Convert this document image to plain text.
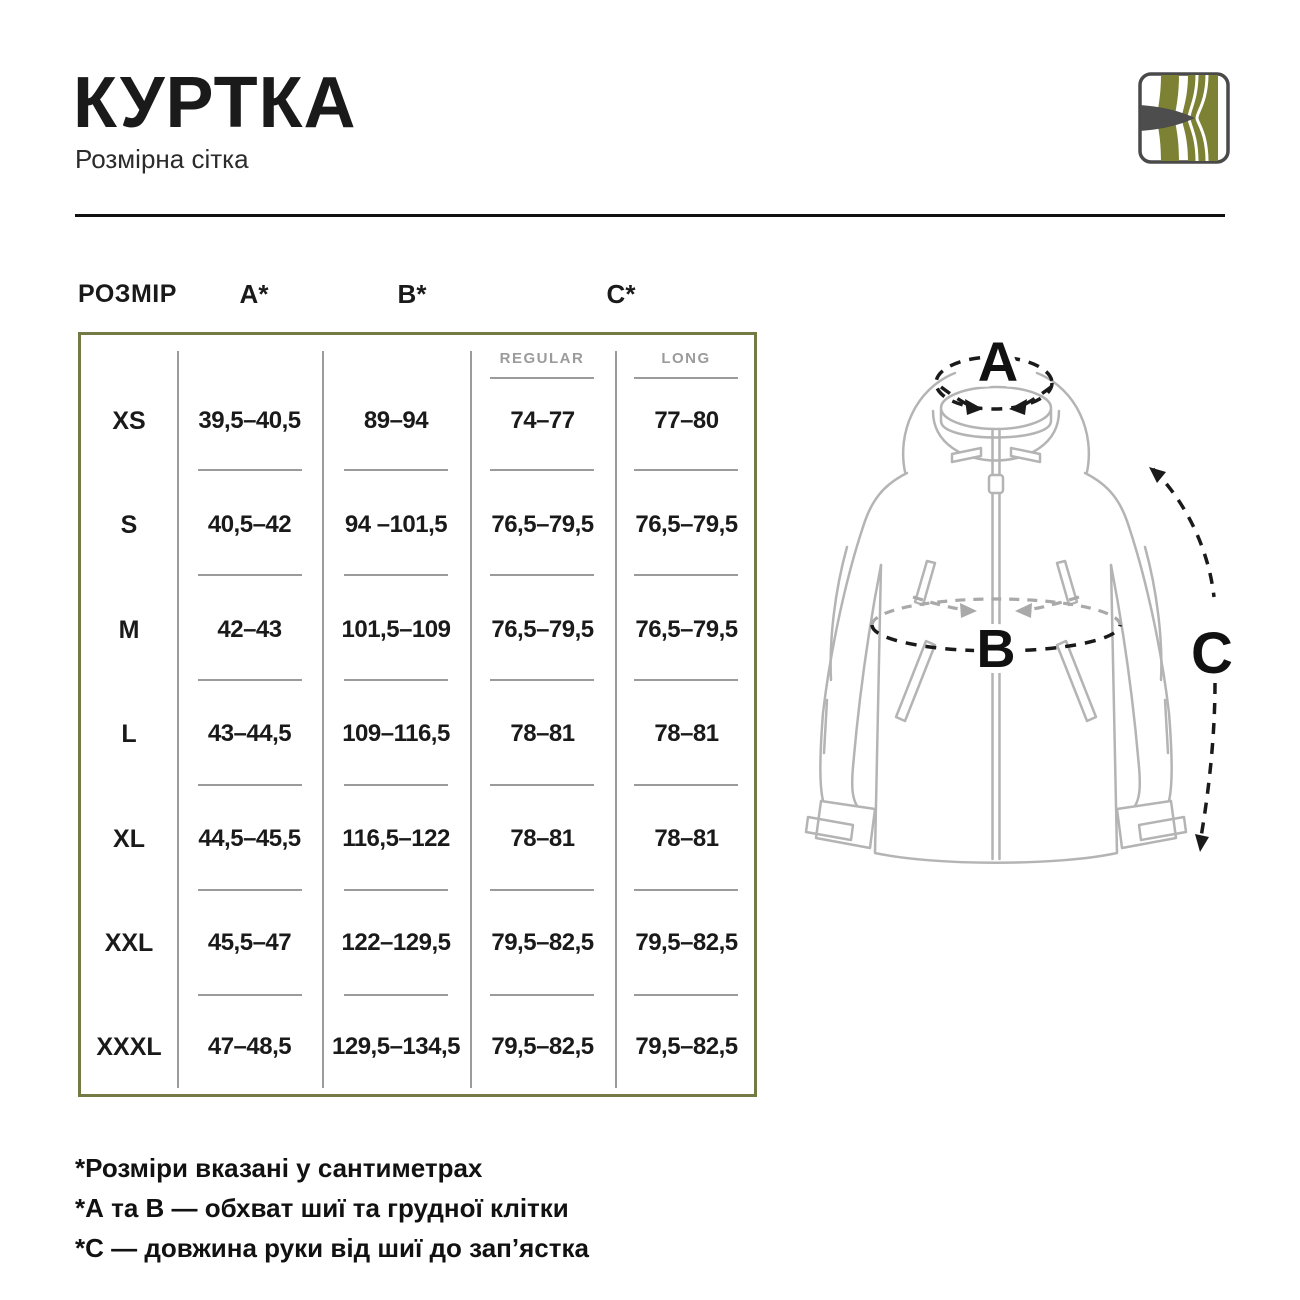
КУРТКА
Розмірна сітка
РОЗМІР A*	B*	C*
REGULAR	LONG
XS	39,5–40,5	89–94	74–77	77–80
S	40,5–42	94 –101,5	76,5–79,5	76,5–79,5
M	42–43	101,5–109	76,5–79,5	76,5–79,5
L	43–44,5	109–116,5	78–81	78–81
XL	44,5–45,5	116,5–122	78–81	78–81
XXL	45,5–47	122–129,5	79,5–82,5	79,5–82,5
XXXL	47–48,5	129,5–134,5	79,5–82,5	79,5–82,5
A
B	C
*Розміри вказані у сантиметрах
*А та В — обхват шиї та грудної клітки
*С — довжина руки від шиї до зап’ястка
